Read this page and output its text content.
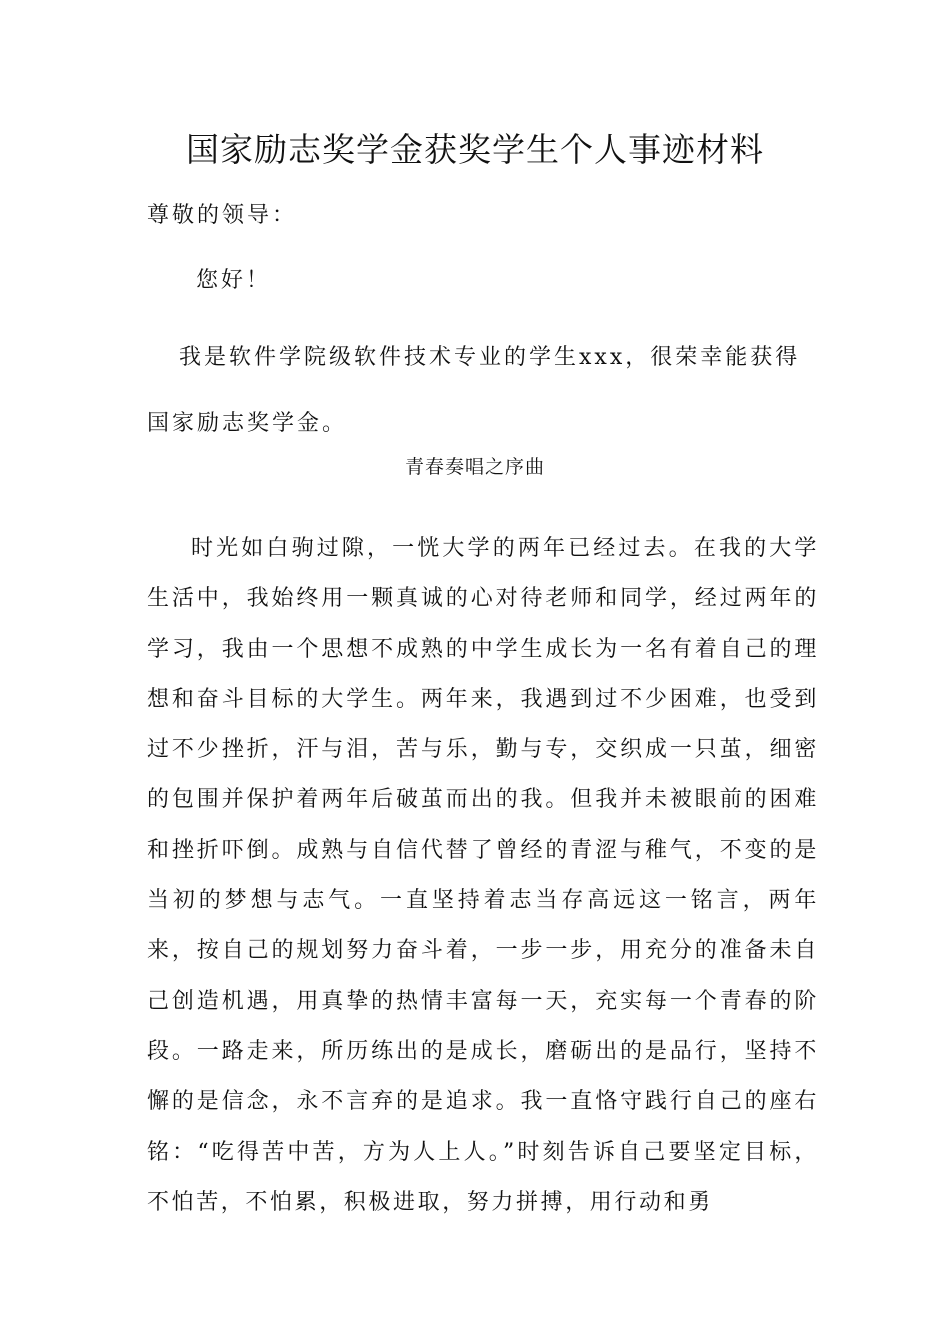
国家励志奖学金获奖学生个人事迹材料
尊敬的领导：
您好！

我是软件学院级软件技术专业的学生xxx，很荣幸能获得国家励志奖学金。

青春奏唱之序曲

时光如白驹过隙，一恍大学的两年已经过去。在我的大学生活中，我始终用一颗真诚的心对待老师和同学，经过两年的学习，我由一个思想不成熟的中学生成长为一名有着自己的理想和奋斗目标的大学生。两年来，我遇到过不少困难，也受到过不少挫折，汗与泪，苦与乐，勤与专，交织成一只茧，细密的包围并保护着两年后破茧而出的我。但我并未被眼前的困难和挫折吓倒。成熟与自信代替了曾经的青涩与稚气，不变的是当初的梦想与志气。一直坚持着志当存高远这一铭言，两年来，按自己的规划努力奋斗着，一步一步，用充分的准备未自己创造机遇，用真挚的热情丰富每一天，充实每一个青春的阶段。一路走来，所历练出的是成长，磨砺出的是品行，坚持不懈的是信念，永不言弃的是追求。我一直恪守践行自己的座右铭：“吃得苦中苦，方为人上人。”时刻告诉自己要坚定目标，不怕苦，不怕累，积极进取，努力拼搏，用行动和勇
